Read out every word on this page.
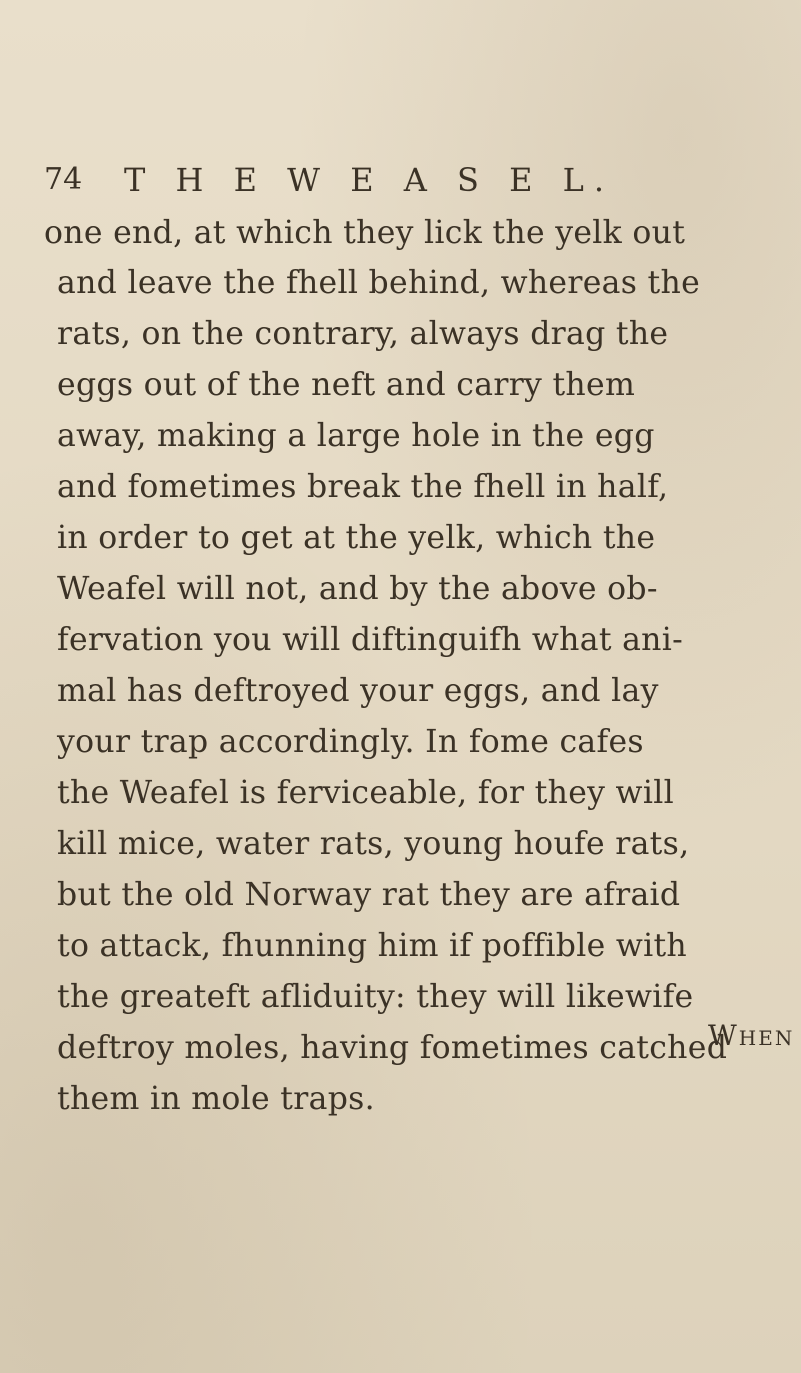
74 T H E W E A S E L.
one end, at which they lick the yelk out
and leave the fhell behind, whereas the
rats, on the contrary, always drag the
eggs out of the neft and carry them
away, making a large hole in the egg
and fometimes break the fhell in half,
in order to get at the yelk, which the
Weafel will not, and by the above ob-
fervation you will diftinguifh what ani-
mal has deftroyed your eggs, and lay
your trap accordingly. In fome cafes
the Weafel is ferviceable, for they will
kill mice, water rats, young houfe rats,
but the old Norway rat they are afraid
to attack, fhunning him if poffible with
the greateft afliduity: they will likewife
deftroy moles, having fometimes catched
them in mole traps.
When
